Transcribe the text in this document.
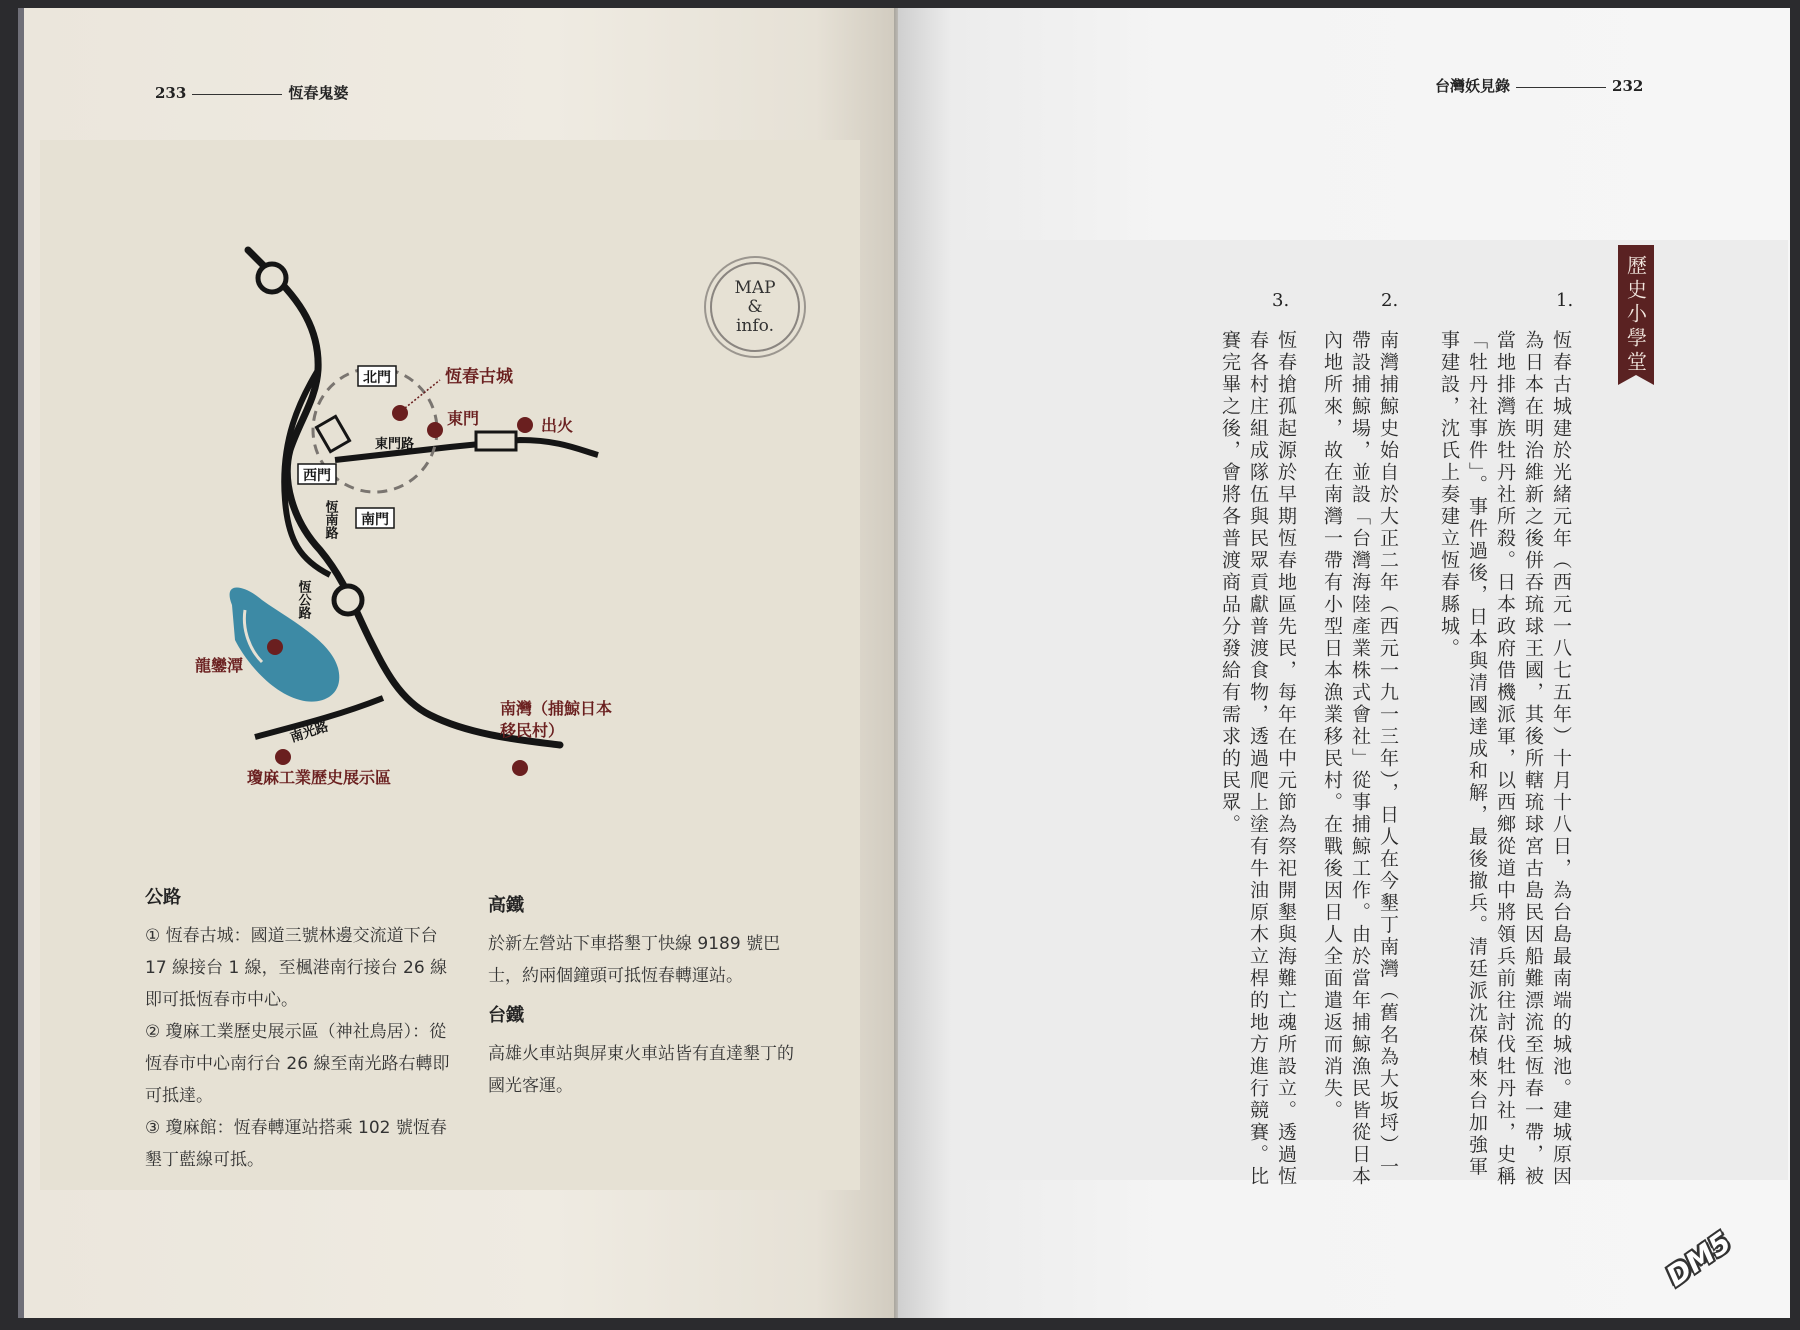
233	恆春鬼婆
北門
西門
南門
恆春古城
東門	出火
東門路
恆南路
恆公路
龍鑾潭
南光路
瓊麻工業歷史展示區
南灣（捕鯨日本移民村）
MAP
&
info.
公路

① 恆春古城：國道三號林邊交流道下台 17 線接台 1 線，至楓港南行接台 26 線即可抵恆春市中心。

② 瓊麻工業歷史展示區（神社鳥居）：從恆春市中心南行台 26 線至南光路右轉即可抵達。

③ 瓊麻館：恆春轉運站搭乘 102 號恆春墾丁藍線可抵。

高鐵

於新左營站下車搭墾丁快線 9189 號巴士，約兩個鐘頭可抵恆春轉運站。

台鐵

高雄火車站與屏東火車站皆有直達墾丁的國光客運。

台灣妖見錄	232
歷史小學堂
1.
恆春古城建於光緒元年（西元一八七五年）十月十八日，為台島最南端的城池。建城原因為日本在明治維新之後併吞琉球王國，其後所轄琉球宮古島民因船難漂流至恆春一帶，被當地排灣族牡丹社所殺。日本政府借機派軍，以西鄉從道中將領兵前往討伐牡丹社，史稱「牡丹社事件」。事件過後，日本與清國達成和解，最後撤兵。清廷派沈葆楨來台加強軍事建設，沈氏上奏建立恆春縣城。
2.
南灣捕鯨史始自於大正二年（西元一九一三年），日人在今墾丁南灣（舊名為大坂埒）一帶設捕鯨場，並設「台灣海陸產業株式會社」從事捕鯨工作。由於當年捕鯨漁民皆從日本內地所來，故在南灣一帶有小型日本漁業移民村。在戰後因日人全面遣返而消失。
3.
恆春搶孤起源於早期恆春地區先民，每年在中元節為祭祀開墾與海難亡魂所設立。透過恆春各村庄組成隊伍與民眾貢獻普渡食物，透過爬上塗有牛油原木立桿的地方進行競賽。比賽完畢之後，會將各普渡商品分發給有需求的民眾。
DM5
